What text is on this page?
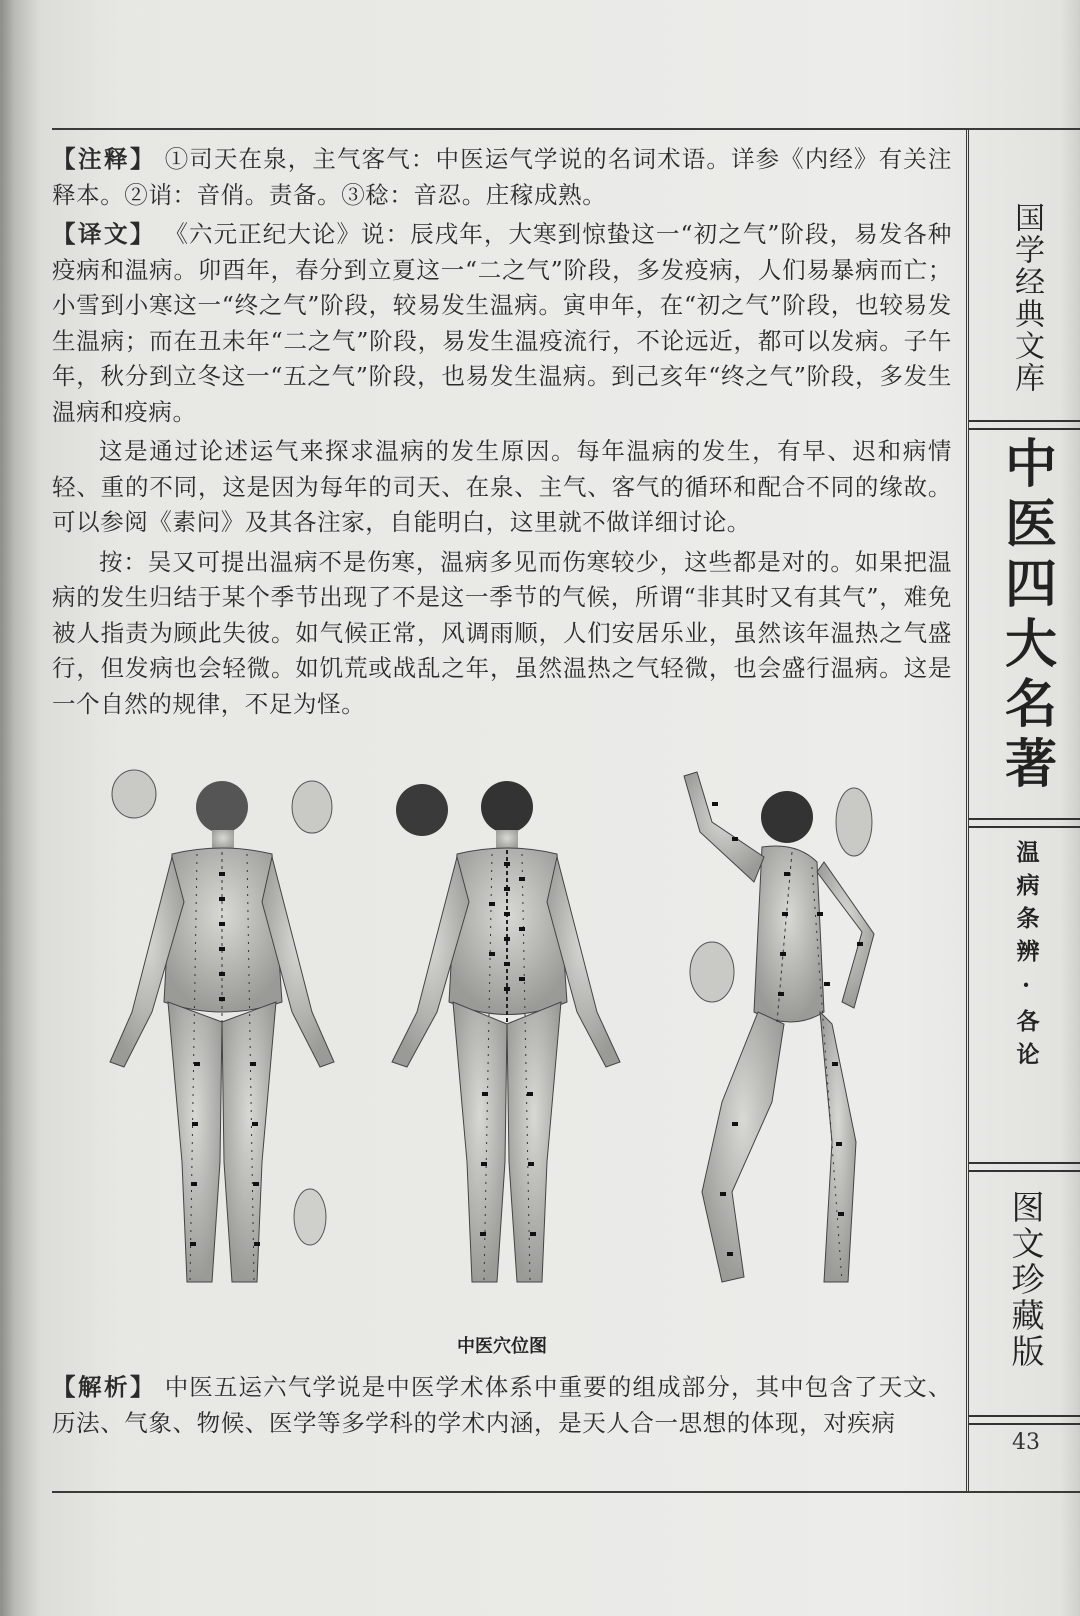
【注释】 ①司天在泉，主气客气：中医运气学说的名词术语。详参《内经》有关注释本。②诮：音俏。责备。③稔：音忍。庄稼成熟。

【译文】 《六元正纪大论》说：辰戌年，大寒到惊蛰这一“初之气”阶段，易发各种疫病和温病。卯酉年，春分到立夏这一“二之气”阶段，多发疫病，人们易暴病而亡；小雪到小寒这一“终之气”阶段，较易发生温病。寅申年，在“初之气”阶段，也较易发生温病；而在丑未年“二之气”阶段，易发生温疫流行，不论远近，都可以发病。子午年，秋分到立冬这一“五之气”阶段，也易发生温病。到己亥年“终之气”阶段，多发生温病和疫病。

这是通过论述运气来探求温病的发生原因。每年温病的发生，有早、迟和病情轻、重的不同，这是因为每年的司天、在泉、主气、客气的循环和配合不同的缘故。可以参阅《素问》及其各注家，自能明白，这里就不做详细讨论。

按：吴又可提出温病不是伤寒，温病多见而伤寒较少，这些都是对的。如果把温病的发生归结于某个季节出现了不是这一季节的气候，所谓“非其时又有其气”，难免被人指责为顾此失彼。如气候正常，风调雨顺，人们安居乐业，虽然该年温热之气盛行，但发病也会轻微。如饥荒或战乱之年，虽然温热之气轻微，也会盛行温病。这是一个自然的规律，不足为怪。

中医穴位图

【解析】 中医五运六气学说是中医学术体系中重要的组成部分，其中包含了天文、历法、气象、物候、医学等多学科的学术内涵，是天人合一思想的体现，对疾病

国学经典文库
中医四大名著
温病条辨·各论
图文珍藏版
43
